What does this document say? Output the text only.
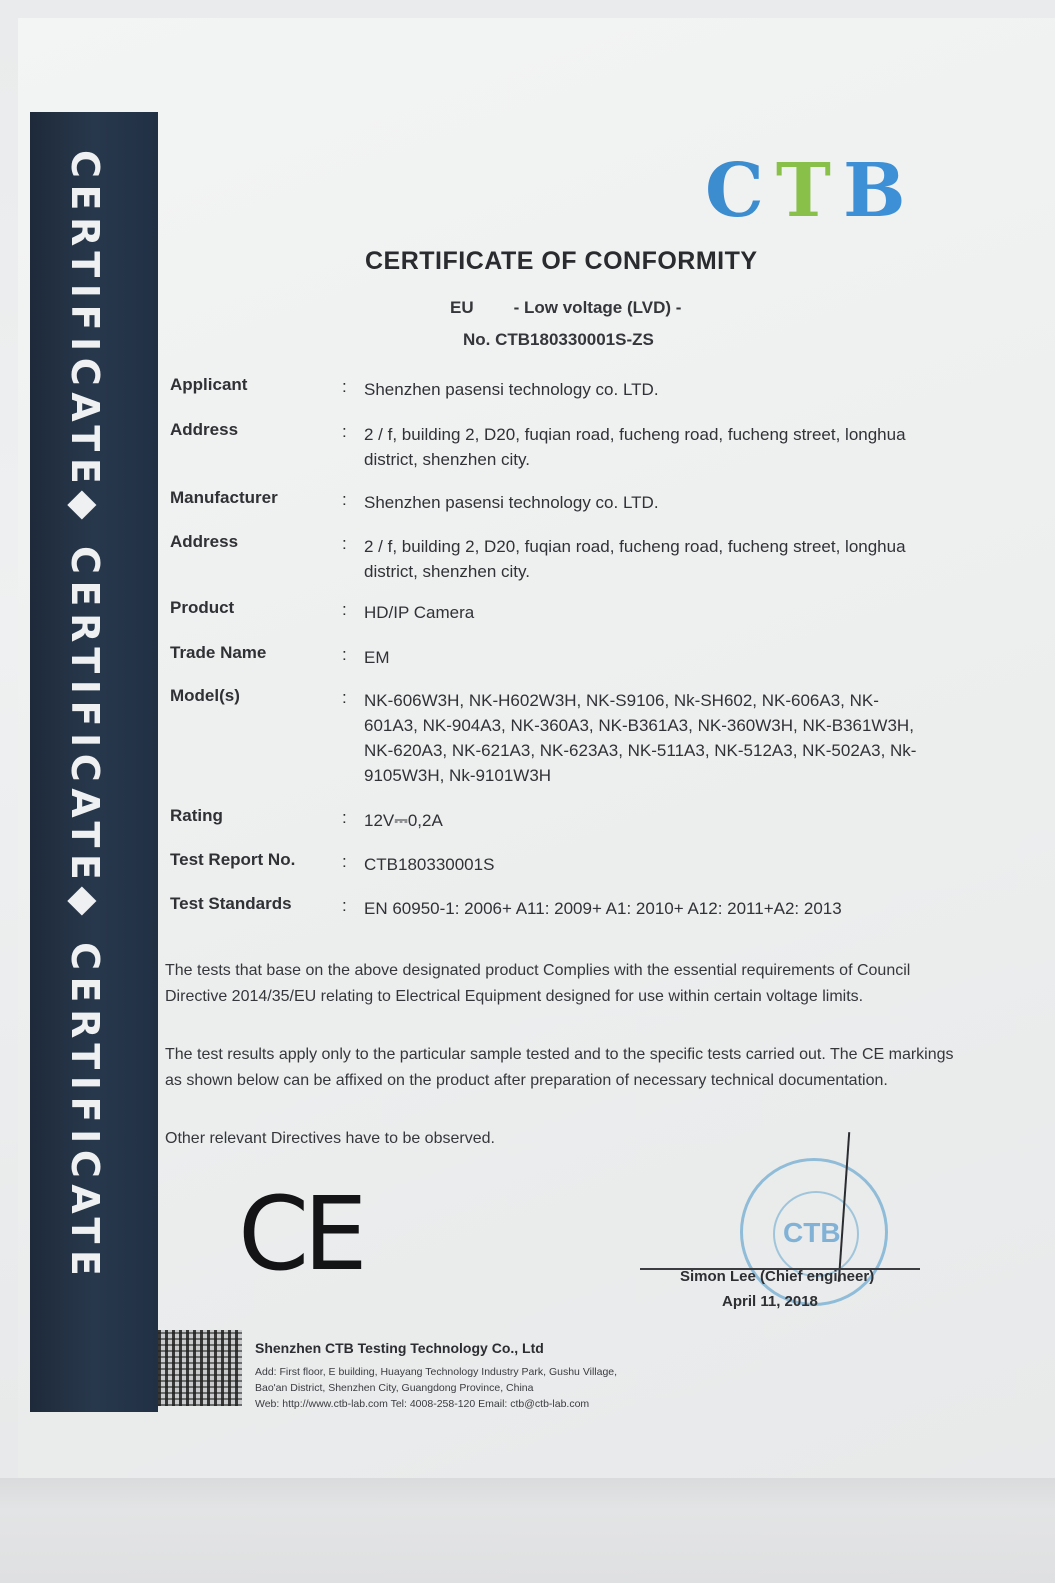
CERTIFICATE◆ CERTIFICATE◆ CERTIFICATE	CTB
CERTIFICATE OF CONFORMITY
EU - Low voltage (LVD) -
No. CTB180330001S-ZS
Applicant	: Shenzhen pasensi technology co. LTD.
Address	: 2 / f, building 2, D20, fuqian road, fucheng road, fucheng street, longhua district, shenzhen city.
Manufacturer	: Shenzhen pasensi technology co. LTD.
Address	: 2 / f, building 2, D20, fuqian road, fucheng road, fucheng street, longhua district, shenzhen city.
Product	: HD/IP Camera
Trade Name	: EM
Model(s)	: NK-606W3H, NK-H602W3H, NK-S9106, Nk-SH602, NK-606A3, NK-601A3, NK-904A3, NK-360A3, NK-B361A3, NK-360W3H, NK-B361W3H, NK-620A3, NK-621A3, NK-623A3, NK-511A3, NK-512A3, NK-502A3, Nk-9105W3H, Nk-9101W3H
Rating	: 12V⎓0,2A
Test Report No.	: CTB180330001S
Test Standards	: EN 60950-1: 2006+ A11: 2009+ A1: 2010+ A12: 2011+A2: 2013
The tests that base on the above designated product Complies with the essential requirements of Council Directive 2014/35/EU relating to Electrical Equipment designed for use within certain voltage limits.
The test results apply only to the particular sample tested and to the specific tests carried out. The CE markings as shown below can be affixed on the product after preparation of necessary technical documentation.
Other relevant Directives have to be observed.
CE	CTB
Simon Lee (Chief engineer)
April 11, 2018
Shenzhen CTB Testing Technology Co., Ltd
Add: First floor, E building, Huayang Technology Industry Park, Gushu Village,
Bao'an District, Shenzhen City, Guangdong Province, China
Web: http://www.ctb-lab.com Tel: 4008-258-120 Email: ctb@ctb-lab.com
